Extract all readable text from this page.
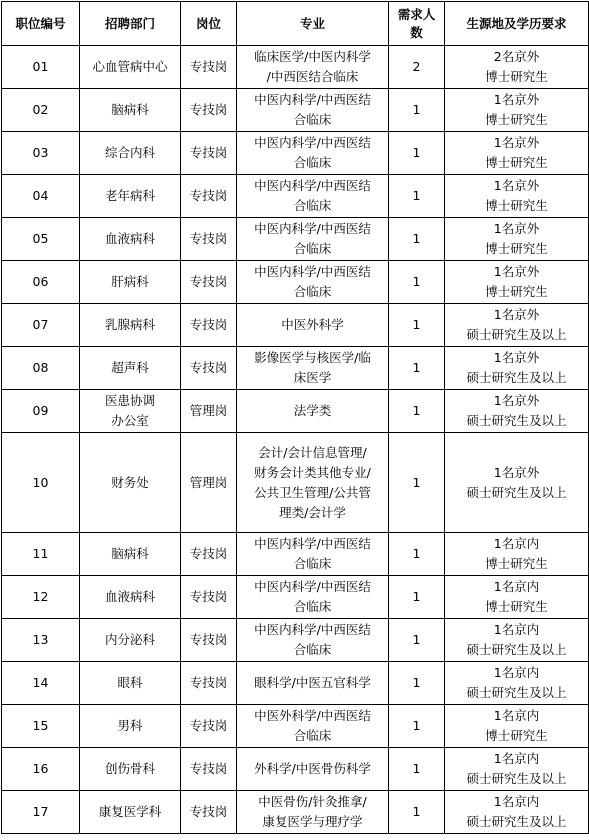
职位编号	招聘部门	岗位	专业	需求人
数	生源地及学历要求
01	心血管病中心	专技岗	临床医学/中医内科学
/中西医结合临床	2	2名京外
博士研究生

02	脑病科	专技岗	中医内科学/中西医结
合临床	1	1名京外
博士研究生

03	综合内科	专技岗	中医内科学/中西医结
合临床	1	1名京外
博士研究生

04	老年病科	专技岗	中医内科学/中西医结
合临床	1	1名京外
博士研究生

05	血液病科	专技岗	中医内科学/中西医结
合临床	1	1名京外
博士研究生

06	肝病科	专技岗	中医内科学/中西医结
合临床	1	1名京外
博士研究生

07	乳腺病科	专技岗	中医外科学	1	1名京外
硕士研究生及以上

08	超声科	专技岗	影像医学与核医学/临
床医学	1	1名京外
硕士研究生及以上

09	医患协调
办公室	管理岗	法学类	1	1名京外
硕士研究生及以上

10	财务处	管理岗	会计/会计信息管理/
财务会计类其他专业/
公共卫生管理/公共管
理类/会计学	1	1名京外
硕士研究生及以上

11	脑病科	专技岗	中医内科学/中西医结
合临床	1	1名京内
博士研究生

12	血液病科	专技岗	中医内科学/中西医结
合临床	1	1名京内
博士研究生

13	内分泌科	专技岗	中医内科学/中西医结
合临床	1	1名京内
硕士研究生及以上

14	眼科	专技岗	眼科学/中医五官科学	1	1名京内
硕士研究生及以上

15	男科	专技岗	中医外科学/中西医结
合临床	1	1名京内
博士研究生

16	创伤骨科	专技岗	外科学/中医骨伤科学	1	1名京内
硕士研究生及以上

17	康复医学科	专技岗	中医骨伤/针灸推拿/
康复医学与理疗学	1	1名京内
硕士研究生及以上
